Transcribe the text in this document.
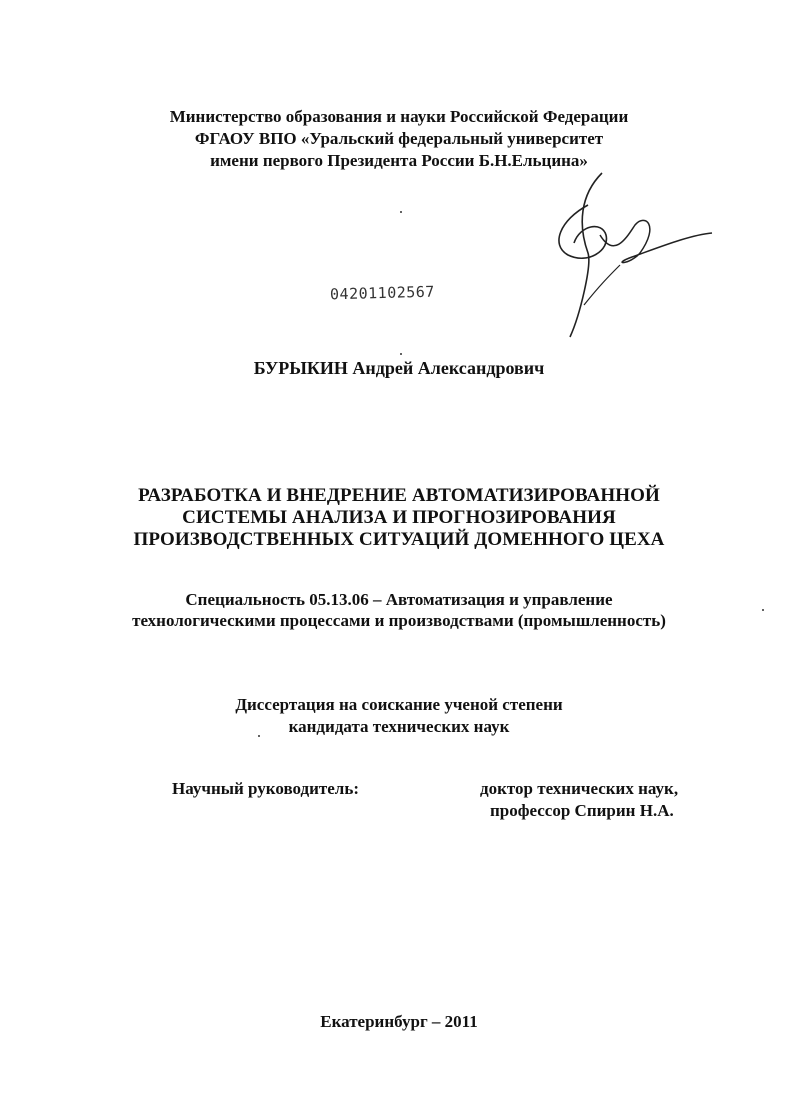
Министерство образования и науки Российской Федерации
ФГАОУ ВПО «Уральский федеральный университет
имени первого Президента России Б.Н.Ельцина»
04201102567
БУРЫКИН Андрей Александрович
РАЗРАБОТКА И ВНЕДРЕНИЕ АВТОМАТИЗИРОВАННОЙ
СИСТЕМЫ АНАЛИЗА И ПРОГНОЗИРОВАНИЯ
ПРОИЗВОДСТВЕННЫХ СИТУАЦИЙ ДОМЕННОГО ЦЕХА
Специальность 05.13.06 – Автоматизация и управление
технологическими процессами и производствами (промышленность)
Диссертация на соискание ученой степени
кандидата технических наук
Научный руководитель:	доктор технических наук,
профессор Спирин Н.А.
Екатеринбург – 2011
